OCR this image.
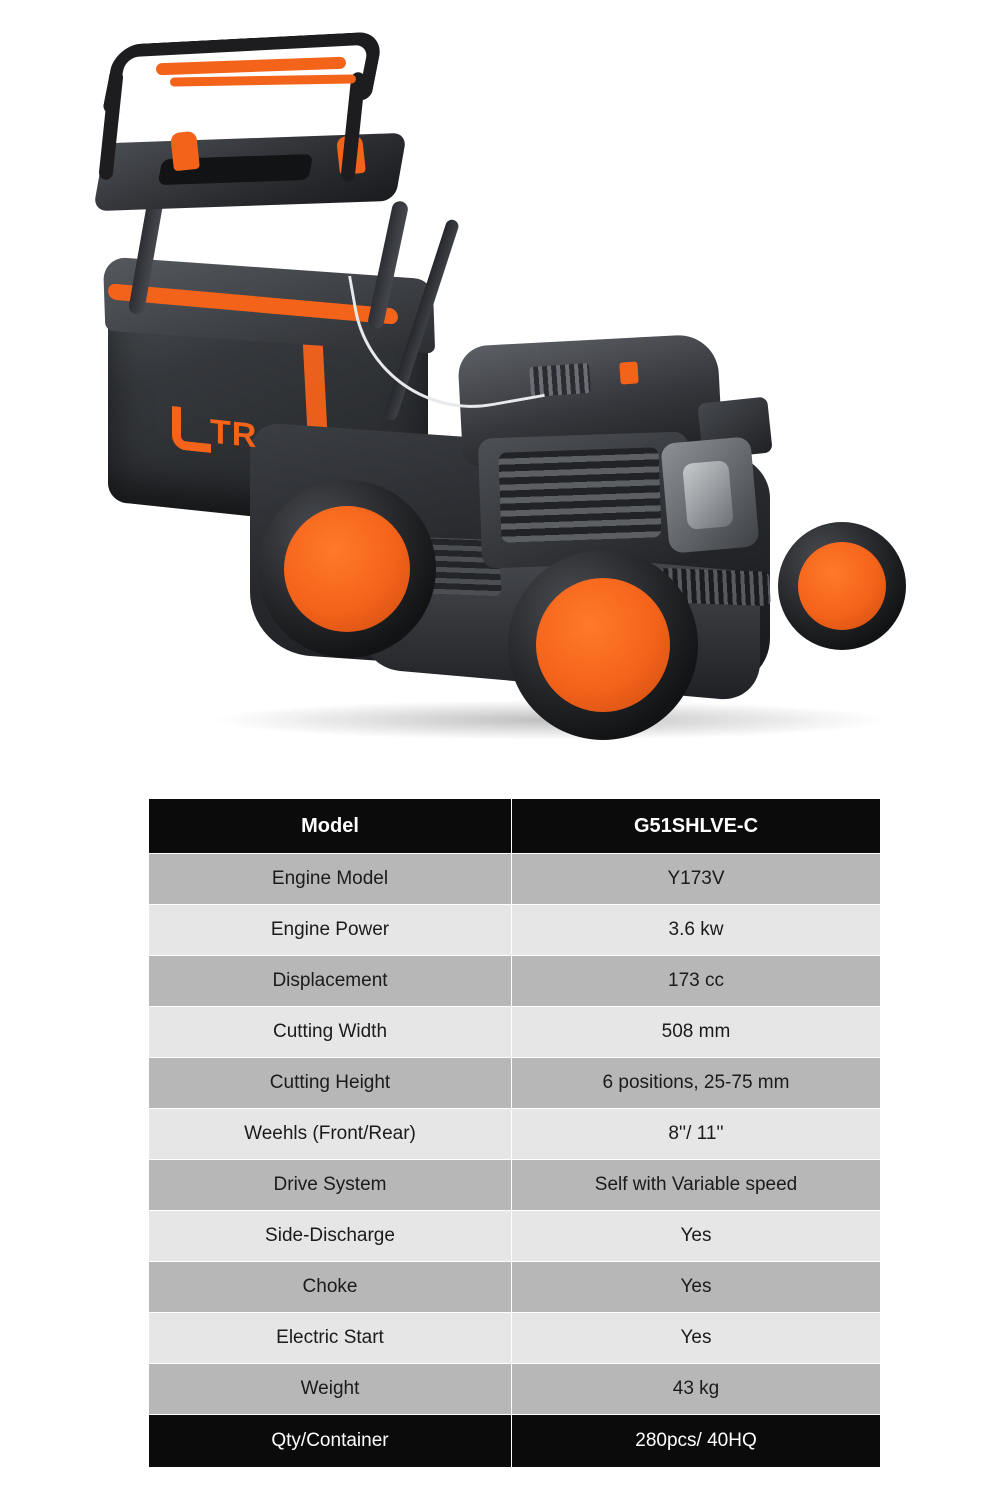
TR
Model	G51SHLVE-C
Engine Model	Y173V
Engine Power	3.6 kw
Displacement	173 cc
Cutting Width	508 mm
Cutting Height	6 positions, 25-75 mm
Weehls (Front/Rear)	8''/ 11''
Drive System	Self with Variable speed
Side-Discharge	Yes
Choke	Yes
Electric Start	Yes
Weight	43 kg
Qty/Container	280pcs/ 40HQ
